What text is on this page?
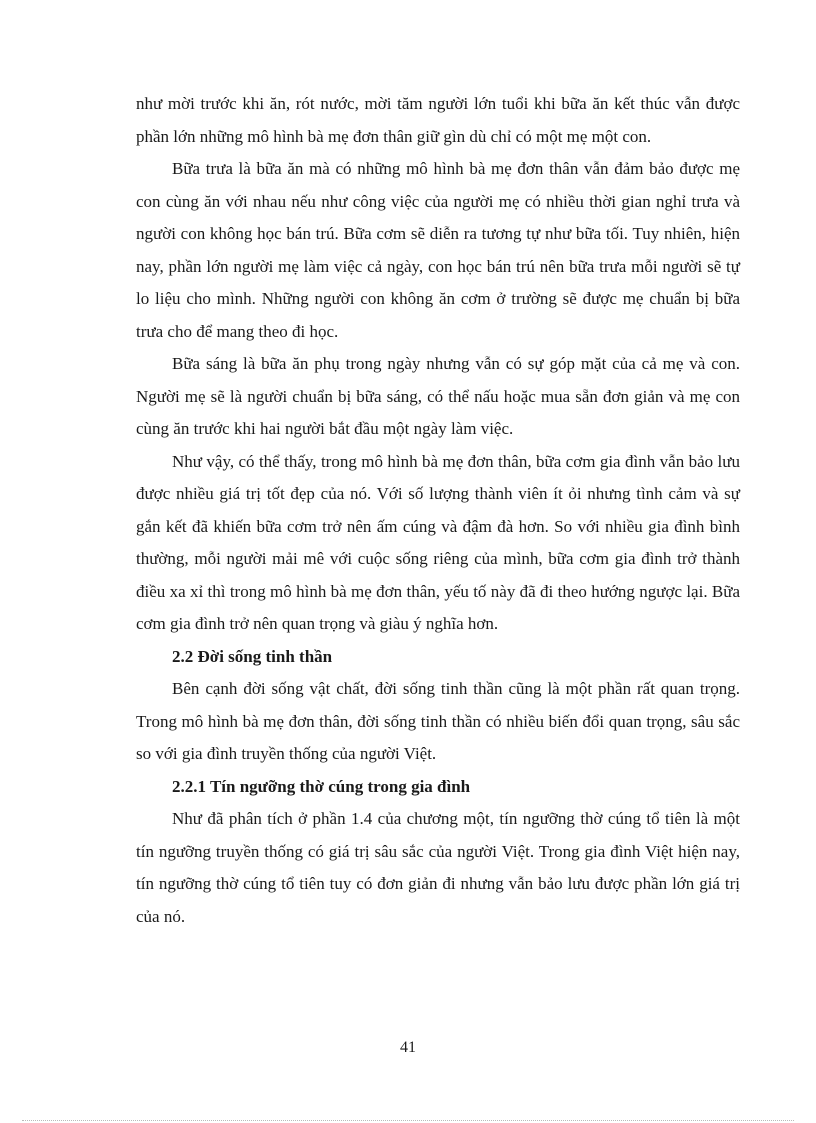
như mời trước khi ăn, rót nước, mời tăm người lớn tuổi khi bữa ăn kết thúc vẫn được phần lớn những mô hình bà mẹ đơn thân giữ gìn dù chỉ có một mẹ một con.

Bữa trưa là bữa ăn mà có những mô hình bà mẹ đơn thân vẫn đảm bảo được mẹ con cùng ăn với nhau nếu như công việc của người mẹ có nhiều thời gian nghỉ trưa và người con không học bán trú. Bữa cơm sẽ diễn ra tương tự như bữa tối. Tuy nhiên, hiện nay, phần lớn người mẹ làm việc cả ngày, con học bán trú nên bữa trưa mỗi người sẽ tự lo liệu cho mình. Những người con không ăn cơm ở trường sẽ được mẹ chuẩn bị bữa trưa cho để mang theo đi học.

Bữa sáng là bữa ăn phụ trong ngày nhưng vẫn có sự góp mặt của cả mẹ và con. Người mẹ sẽ là người chuẩn bị bữa sáng, có thể nấu hoặc mua sẵn đơn giản và mẹ con cùng ăn trước khi hai người bắt đầu một ngày làm việc.

Như vậy, có thể thấy, trong mô hình bà mẹ đơn thân, bữa cơm gia đình vẫn bảo lưu được nhiều giá trị tốt đẹp của nó. Với số lượng thành viên ít ỏi nhưng tình cảm và sự gắn kết đã khiến bữa cơm trở nên ấm cúng và đậm đà hơn. So với nhiều gia đình bình thường, mỗi người mải mê với cuộc sống riêng của mình, bữa cơm gia đình trở thành điều xa xỉ thì trong mô hình bà mẹ đơn thân, yếu tố này đã đi theo hướng ngược lại. Bữa cơm gia đình trở nên quan trọng và giàu ý nghĩa hơn.

2.2 Đời sống tinh thần

Bên cạnh đời sống vật chất, đời sống tinh thần cũng là một phần rất quan trọng. Trong mô hình bà mẹ đơn thân, đời sống tinh thần có nhiều biến đổi quan trọng, sâu sắc so với gia đình truyền thống của người Việt.

2.2.1 Tín ngưỡng thờ cúng trong gia đình

Như đã phân tích ở phần 1.4 của chương một, tín ngưỡng thờ cúng tổ tiên là một tín ngưỡng truyền thống có giá trị sâu sắc của người Việt. Trong gia đình Việt hiện nay, tín ngưỡng thờ cúng tổ tiên tuy có đơn giản đi nhưng vẫn bảo lưu được phần lớn giá trị của nó.

41
